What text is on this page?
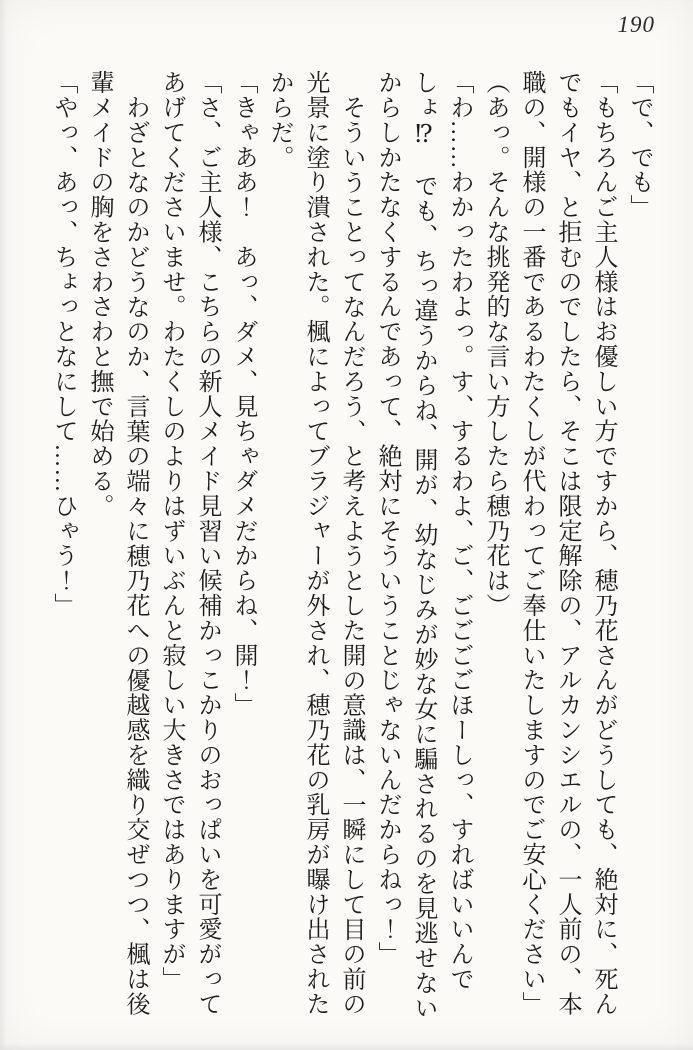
190

「で、でも」

「もちろんご主人様はお優しい方ですから、穂乃花さんがどうしても、絶対に、死ん

でもイヤ、と拒むのでしたら、そこは限定解除の、アルカンシエルの、一人前の、本

職の、開様の一番であるわたくしが代わってご奉仕いたしますのでご安心ください」

（あっ。そんな挑発的な言い方したら穂乃花は）

「わ……わかったわよっ。す、するわよ、ご、ごごごごほーしっ、すればいいんで

しょ⁉　でも、ちっ違うからね、開が、幼なじみが妙な女に騙されるのを見逃せない

からしかたなくするんであって、絶対にそういうことじゃないんだからねっ！」

そういうことってなんだろう、と考えようとした開の意識は、一瞬にして目の前の

光景に塗り潰された。楓によってブラジャーが外され、穂乃花の乳房が曝け出された

からだ。

「きゃああ！　あっ、ダメ、見ちゃダメだからね、開！」

「さ、ご主人様、こちらの新人メイド見習い候補かっこかりのおっぱいを可愛がって

あげてくださいませ。わたくしのよりはずいぶんと寂しい大きさではありますが」

わざとなのかどうなのか、言葉の端々に穂乃花への優越感を織り交ぜつつ、楓は後

輩メイドの胸をさわさわと撫で始める。

「やっ、あっ、ちょっとなにして……ひゃう！」
